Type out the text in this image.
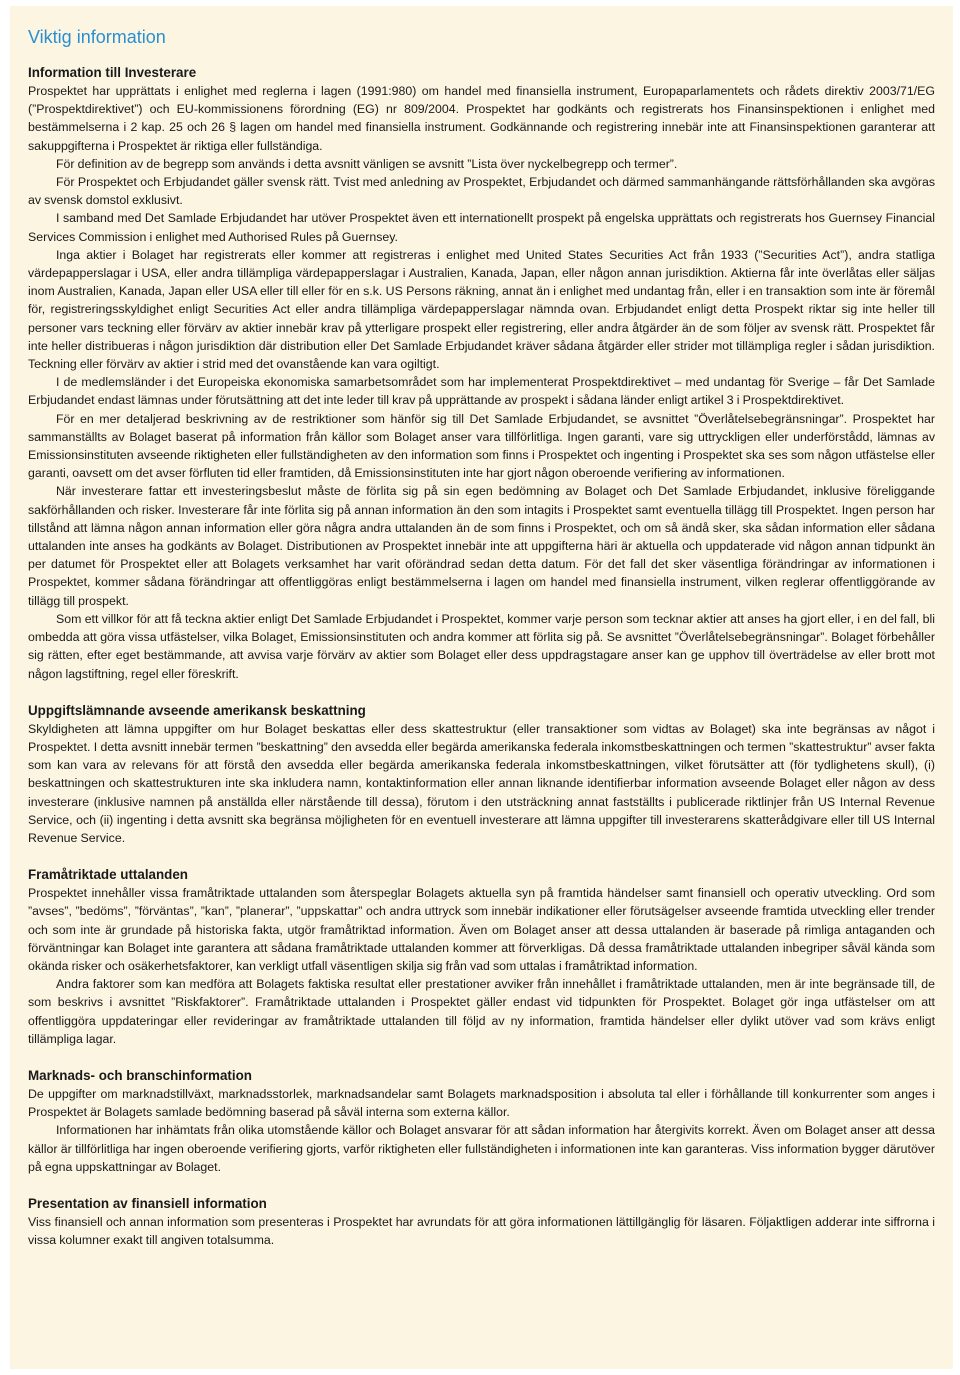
Viktig information
Information till Investerare

Prospektet har upprättats i enlighet med reglerna i lagen (1991:980) om handel med finansiella instrument, Europaparlamentets och rådets direktiv 2003/71/EG (”Prospektdirektivet”) och EU-kommissionens förordning (EG) nr 809/2004. Prospektet har godkänts och registrerats hos Finansinspektionen i enlighet med bestämmelserna i 2 kap. 25 och 26 § lagen om handel med finansiella instrument. Godkännande och registrering innebär inte att Finansinspektionen garanterar att sakuppgifterna i Prospektet är riktiga eller fullständiga.

För definition av de begrepp som används i detta avsnitt vänligen se avsnitt ”Lista över nyckelbegrepp och termer”.

För Prospektet och Erbjudandet gäller svensk rätt. Tvist med anledning av Prospektet, Erbjudandet och därmed sammanhängande rättsförhållanden ska avgöras av svensk domstol exklusivt.

I samband med Det Samlade Erbjudandet har utöver Prospektet även ett internationellt prospekt på engelska upprättats och registrerats hos Guernsey Financial Services Commission i enlighet med Authorised Rules på Guernsey.

Inga aktier i Bolaget har registrerats eller kommer att registreras i enlighet med United States Securities Act från 1933 (”Securities Act”), andra statliga värdepapperslagar i USA, eller andra tillämpliga värdepapperslagar i Australien, Kanada, Japan, eller någon annan jurisdiktion. Aktierna får inte överlåtas eller säljas inom Australien, Kanada, Japan eller USA eller till eller för en s.k. US Persons räkning, annat än i enlighet med undantag från, eller i en transaktion som inte är föremål för, registreringsskyldighet enligt Securities Act eller andra tillämpliga värdepapperslagar nämnda ovan. Erbjudandet enligt detta Prospekt riktar sig inte heller till personer vars teckning eller förvärv av aktier innebär krav på ytterligare prospekt eller registrering, eller andra åtgärder än de som följer av svensk rätt. Prospektet får inte heller distribueras i någon jurisdiktion där distribution eller Det Samlade Erbjudandet kräver sådana åtgärder eller strider mot tillämpliga regler i sådan jurisdiktion. Teckning eller förvärv av aktier i strid med det ovanstående kan vara ogiltigt.

I de medlemsländer i det Europeiska ekonomiska samarbetsområdet som har implementerat Prospektdirektivet – med undantag för Sverige – får Det Samlade Erbjudandet endast lämnas under förutsättning att det inte leder till krav på upprättande av prospekt i sådana länder enligt artikel 3 i Prospektdirektivet.

För en mer detaljerad beskrivning av de restriktioner som hänför sig till Det Samlade Erbjudandet, se avsnittet ”Överlåtelsebegränsningar”. Prospektet har sammanställts av Bolaget baserat på information från källor som Bolaget anser vara tillförlitliga. Ingen garanti, vare sig uttryckligen eller underförstådd, lämnas av Emissionsinstituten avseende riktigheten eller fullständigheten av den information som finns i Prospektet och ingenting i Prospektet ska ses som någon utfästelse eller garanti, oavsett om det avser förfluten tid eller framtiden, då Emissionsinstituten inte har gjort någon oberoende verifiering av informationen.

När investerare fattar ett investeringsbeslut måste de förlita sig på sin egen bedömning av Bolaget och Det Samlade Erbjudandet, inklusive föreliggande sakförhållanden och risker. Investerare får inte förlita sig på annan information än den som intagits i Prospektet samt eventuella tillägg till Prospektet. Ingen person har tillstånd att lämna någon annan information eller göra några andra uttalanden än de som finns i Prospektet, och om så ändå sker, ska sådan information eller sådana uttalanden inte anses ha godkänts av Bolaget. Distributionen av Prospektet innebär inte att uppgifterna häri är aktuella och uppdaterade vid någon annan tidpunkt än per datumet för Prospektet eller att Bolagets verksamhet har varit oförändrad sedan detta datum. För det fall det sker väsentliga förändringar av informationen i Prospektet, kommer sådana förändringar att offentliggöras enligt bestämmelserna i lagen om handel med finansiella instrument, vilken reglerar offentliggörande av tillägg till prospekt.

Som ett villkor för att få teckna aktier enligt Det Samlade Erbjudandet i Prospektet, kommer varje person som tecknar aktier att anses ha gjort eller, i en del fall, bli ombedda att göra vissa utfästelser, vilka Bolaget, Emissionsinstituten och andra kommer att förlita sig på. Se avsnittet ”Överlåtelsebegränsningar”. Bolaget förbehåller sig rätten, efter eget bestämmande, att avvisa varje förvärv av aktier som Bolaget eller dess uppdragstagare anser kan ge upphov till överträdelse av eller brott mot någon lagstiftning, regel eller föreskrift.

Uppgiftslämnande avseende amerikansk beskattning

Skyldigheten att lämna uppgifter om hur Bolaget beskattas eller dess skattestruktur (eller transaktioner som vidtas av Bolaget) ska inte begränsas av något i Prospektet. I detta avsnitt innebär termen ”beskattning” den avsedda eller begärda amerikanska federala inkomstbeskattningen och termen ”skattestruktur” avser fakta som kan vara av relevans för att förstå den avsedda eller begärda amerikanska federala inkomstbeskattningen, vilket förutsätter att (för tydlighetens skull), (i) beskattningen och skattestrukturen inte ska inkludera namn, kontaktinformation eller annan liknande identifierbar information avseende Bolaget eller någon av dess investerare (inklusive namnen på anställda eller närstående till dessa), förutom i den utsträckning annat fastställts i publicerade riktlinjer från US Internal Revenue Service, och (ii) ingenting i detta avsnitt ska begränsa möjligheten för en eventuell investerare att lämna uppgifter till investerarens skatterådgivare eller till US Internal Revenue Service.

Framåtriktade uttalanden

Prospektet innehåller vissa framåtriktade uttalanden som återspeglar Bolagets aktuella syn på framtida händelser samt finansiell och operativ utveckling. Ord som ”avses”, ”bedöms”, ”förväntas”, ”kan”, ”planerar”, ”uppskattar” och andra uttryck som innebär indikationer eller förutsägelser avseende framtida utveckling eller trender och som inte är grundade på historiska fakta, utgör framåtriktad information. Även om Bolaget anser att dessa uttalanden är baserade på rimliga antaganden och förväntningar kan Bolaget inte garantera att sådana framåtriktade uttalanden kommer att förverkligas. Då dessa framåtriktade uttalanden inbegriper såväl kända som okända risker och osäkerhetsfaktorer, kan verkligt utfall väsentligen skilja sig från vad som uttalas i framåtriktad information.

Andra faktorer som kan medföra att Bolagets faktiska resultat eller prestationer avviker från innehållet i framåtriktade uttalanden, men är inte begränsade till, de som beskrivs i avsnittet ”Riskfaktorer”. Framåtriktade uttalanden i Prospektet gäller endast vid tidpunkten för Prospektet. Bolaget gör inga utfästelser om att offentliggöra uppdateringar eller revideringar av framåtriktade uttalanden till följd av ny information, framtida händelser eller dylikt utöver vad som krävs enligt tillämpliga lagar.

Marknads- och branschinformation

De uppgifter om marknadstillväxt, marknadsstorlek, marknadsandelar samt Bolagets marknadsposition i absoluta tal eller i förhållande till konkurrenter som anges i Prospektet är Bolagets samlade bedömning baserad på såväl interna som externa källor.

Informationen har inhämtats från olika utomstående källor och Bolaget ansvarar för att sådan information har återgivits korrekt. Även om Bolaget anser att dessa källor är tillförlitliga har ingen oberoende verifiering gjorts, varför riktigheten eller fullständigheten i informationen inte kan garanteras. Viss information bygger därutöver på egna uppskattningar av Bolaget.

Presentation av finansiell information

Viss finansiell och annan information som presenteras i Prospektet har avrundats för att göra informationen lättillgänglig för läsaren. Följaktligen adderar inte siffrorna i vissa kolumner exakt till angiven totalsumma.
